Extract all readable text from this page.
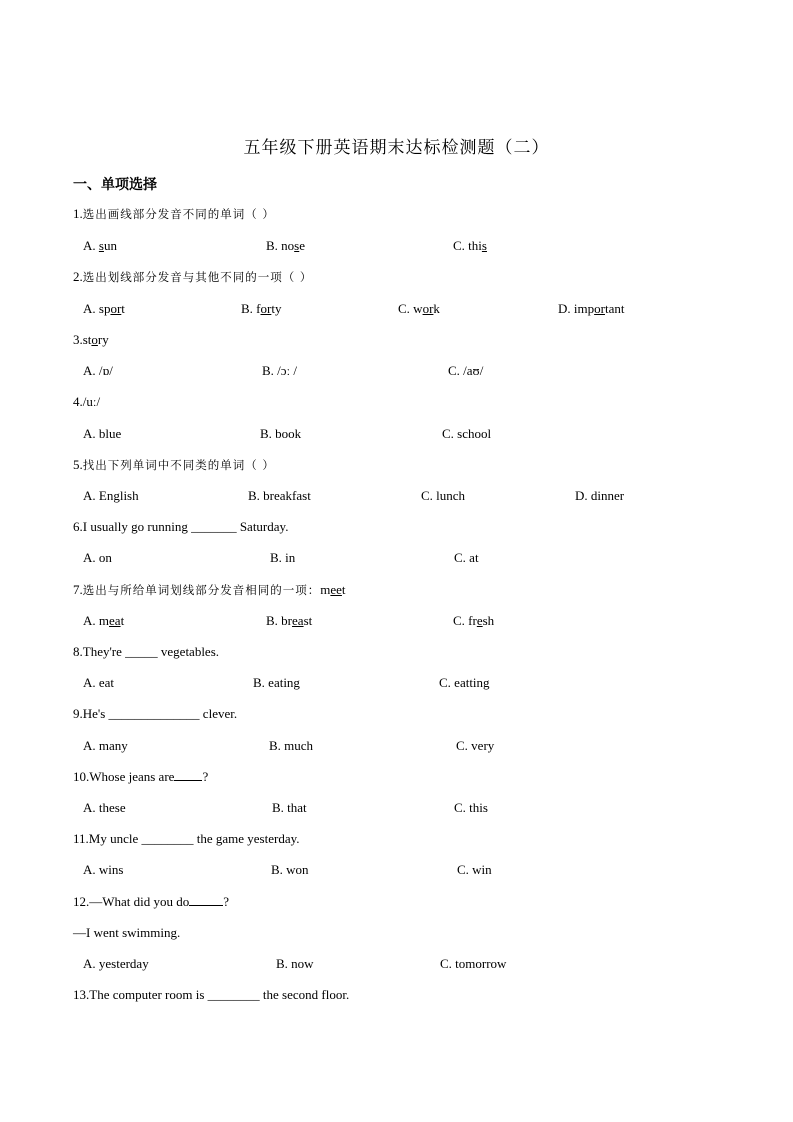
五年级下册英语期末达标检测题（二）
一、单项选择
1.选出画线部分发音不同的单词（ ）
A. sun	B. nose	C. this
2.选出划线部分发音与其他不同的一项（ ）
A. sport	B. forty	C. work	D. important
3.story
A. /ɒ/	B. /ɔː /	C. /aʊ/
4./uː/
A. blue	B. book	C. school
5.找出下列单词中不同类的单词（ ）
A. English	B. breakfast	C. lunch	D. dinner
6.I usually go running _______ Saturday.
A. on	B. in	C. at
7.选出与所给单词划线部分发音相同的一项：meet
A. meat	B. breast	C. fresh
8.They're _____ vegetables.
A. eat	B. eating	C. eatting
9.He's ______________ clever.
A. many	B. much	C. very
10.Whose jeans are ?
A. these	B. that	C. this
11.My uncle ________ the game yesterday.
A. wins	B. won	C. win
12.—What did you do	?
—I went swimming.
A. yesterday	B. now	C. tomorrow
13.The computer room is ________ the second floor.
